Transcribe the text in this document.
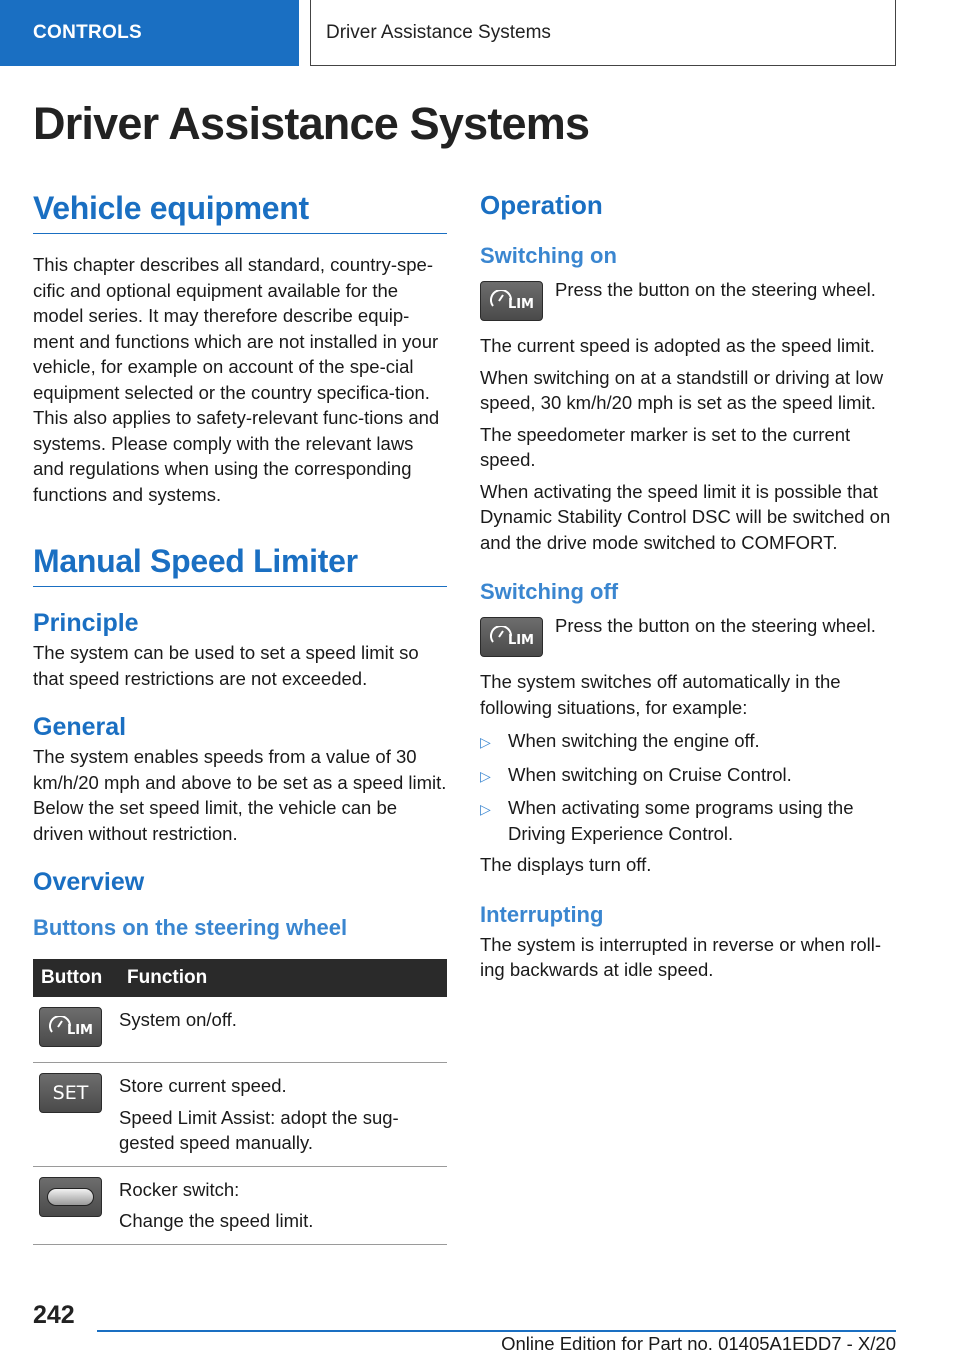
CONTROLS	Driver Assistance Systems
Driver Assistance Systems
Vehicle equipment

This chapter describes all standard, country-spe-cific and optional equipment available for the model series. It may therefore describe equip-ment and functions which are not installed in your vehicle, for example on account of the spe-cial equipment selected or the country specifica-tion. This also applies to safety-relevant func-tions and systems. Please comply with the relevant laws and regulations when using the corresponding functions and systems.

Manual Speed Limiter
Principle

The system can be used to set a speed limit so that speed restrictions are not exceeded.

General

The system enables speeds from a value of 30 km/h/20 mph and above to be set as a speed limit. Below the set speed limit, the vehicle can be driven without restriction.

Overview
Buttons on the steering wheel
Button	Function

LIM	System on/off.

SET	Store current speed.
Speed Limit Assist: adopt the sug-gested speed manually.

	Rocker switch:
Change the speed limit.
Operation
Switching on
LIM
Press the button on the steering wheel.

The current speed is adopted as the speed limit.

When switching on at a standstill or driving at low speed, 30 km/h/20 mph is set as the speed limit.

The speedometer marker is set to the current speed.

When activating the speed limit it is possible that Dynamic Stability Control DSC will be switched on and the drive mode switched to COMFORT.

Switching off
LIM
Press the button on the steering wheel.

The system switches off automatically in the following situations, for example:

▷ When switching the engine off.
▷ When switching on Cruise Control.
▷ When activating some programs using the Driving Experience Control.

The displays turn off.

Interrupting

The system is interrupted in reverse or when roll-ing backwards at idle speed.

242
Online Edition for Part no. 01405A1EDD7 - X/20
